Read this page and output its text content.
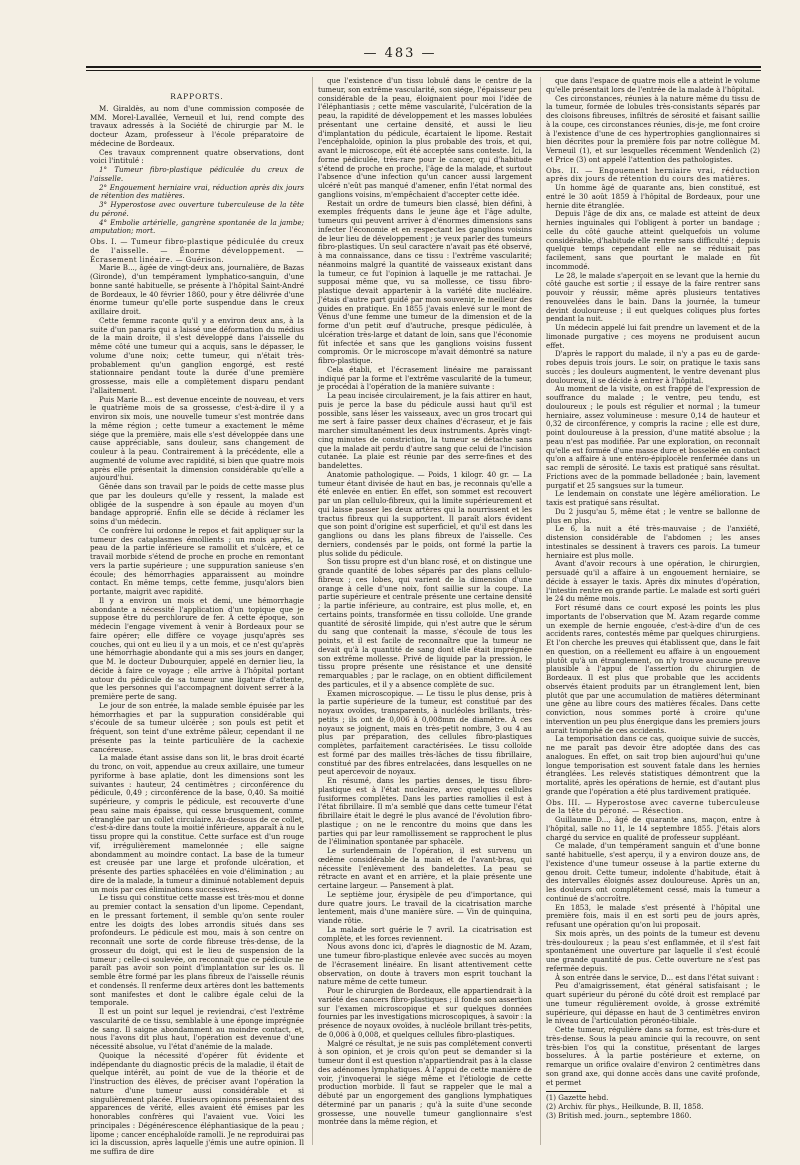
— 483 —

RAPPORTS.

M. Giraldès, au nom d'une commission composée de MM. Morel-Lavallée, Verneuil et lui, rend compte des travaux adressés à la Société de chirurgie par M. le docteur Azam, professeur à l'école préparatoire de médecine de Bordeaux.

Ces travaux comprennent quatre observations, dont voici l'intitulé :

1° Tumeur fibro-plastique pédiculée du creux de l'aisselle.

2° Engouement herniaire vrai, réduction après dix jours de rétention des matières.

3° Hyperostose avec ouverture tuberculeuse de la tête du péroné.

4° Embolie artérielle, gangrène spontanée de la jambe; amputation; mort.

Obs. I. — Tumeur fibro-plastique pédiculée du creux de l'aisselle. — Énorme développement. — Écrasement linéaire. — Guérison.

Marie B..., âgée de vingt-deux ans, journalière, de Bazas (Gironde), d'un tempérament lymphatico-sanguin, d'une bonne santé habituelle, se présente à l'hôpital Saint-André de Bordeaux, le 40 février 1860, pour y être délivrée d'une énorme tumeur qu'elle porte suspendue dans le creux axillaire droit.

Cette femme raconte qu'il y a environ deux ans, à la suite d'un panaris qui a laissé une déformation du médius de la main droite, il s'est développé dans l'aisselle du même côté une tumeur qui a acquis, sans le dépasser, le volume d'une noix; cette tumeur, qui n'était très-probablement qu'un ganglion engorgé, est resté stationnaire pendant toute la durée d'une première grossesse, mais elle a complètement disparu pendant l'allaitement.

Puis Marie B... est devenue enceinte de nouveau, et vers le quatrième mois de sa grossesse, c'est-à-dire il y a environ six mois, une nouvelle tumeur s'est montrée dans la même région ; cette tumeur a exactement le même siége que la première, mais elle s'est développée dans une cause appréciable, sans douleur, sans changement de couleur à la peau. Contrairement à la précédente, elle a augmenté de volume avec rapidité, si bien que quatre mois après elle présentait la dimension considérable qu'elle a aujourd'hui.

Gênée dans son travail par le poids de cette masse plus que par les douleurs qu'elle y ressent, la malade est obligée de la suspendre à son épaule au moyen d'un bandage approprié. Enfin elle se décide à réclamer les soins d'un médecin.

Ce confrère lui ordonne le repos et fait appliquer sur la tumeur des cataplasmes émollients ; un mois après, la peau de la partie inférieure se ramollit et s'ulcère, et ce travail morbide s'étend de proche en proche en remontant vers la partie supérieure ; une suppuration sanieuse s'en écoule; des hémorrhagies apparaissent au moindre contact. En même temps, cette femme, jusqu'alors bien portante, maigrit avec rapidité.

Il y a environ un mois et demi, une hémorrhagie abondante a nécessité l'application d'un topique que je suppose être du perchlorure de fer. À cette époque, son médecin l'engage vivement à venir à Bordeaux pour se faire opérer; elle diffère ce voyage jusqu'après ses couches, qui ont eu lieu il y a un mois, et ce n'est qu'après une hémorrhagie abondante qui a mis ses jours en danger, que M. le docteur Dubourquier, appelé en dernier lieu, la décide à faire ce voyage ; elle arrive à l'hôpital portant autour du pédicule de sa tumeur une ligature d'attente, que les personnes qui l'accompagnent doivent serrer à la première perte de sang.

Le jour de son entrée, la malade semble épuisée par les hémorrhagies et par la suppuration considérable qui s'écoule de sa tumeur ulcérée ; son pouls est petit et fréquent, son teint d'une extrême pâleur, cependant il ne présente pas la teinte particulière de la cachexie cancéreuse.

La malade étant assise dans son lit, le bras droit écarté du tronc, on voit, appendue au creux axillaire, une tumeur pyriforme à base aplatie, dont les dimensions sont les suivantes : hauteur, 24 centimètres ; circonférence du pédicule, 0,49 ; circonférence de la base, 0,40. Sa moitié supérieure, y compris le pédicule, est recouverte d'une peau saine mais épaisse, qui cesse brusquement, comme étranglée par un collet circulaire. Au-dessous de ce collet, c'est-à-dire dans toute la moitié inférieure, apparaît à nu le tissu propre qui la constitue. Cette surface est d'un rouge vif, irrégulièrement mamelonnée ; elle saigne abondamment au moindre contact. La base de la tumeur est creusée par une large et profonde ulcération, et présente des parties sphacélées en voie d'élimination ; au dire de la malade, la tumeur a diminué notablement depuis un mois par ces éliminations successives.

Le tissu qui constitue cette masse est très-mou et donne au premier contact la sensation d'un lipome. Cependant, en le pressant fortement, il semble qu'on sente rouler entre les doigts des lobes arrondis situés dans ses profondeurs. Le pédicule est mou, mais à son centre on reconnaît une sorte de corde fibreuse très-dense, de la grosseur du doigt, qui est le lieu de suspension de la tumeur ; celle-ci soulevée, on reconnaît que ce pédicule ne paraît pas avoir son point d'implantation sur les os. Il semble être formé par les plans fibreux de l'aisselle réunis et condensés. Il renferme deux artères dont les battements sont manifestes et dont le calibre égale celui de la temporale.

Il est un point sur lequel je reviendrai, c'est l'extrême vascularité de ce tissu, semblable à une éponge imprégnée de sang. Il saigne abondamment au moindre contact, et, nous l'avons dit plus haut, l'opération est devenue d'une nécessité absolue, vu l'état d'anémie de la malade.

Quoique la nécessité d'opérer fût évidente et indépendante du diagnostic précis de la maladie, il était de quelque intérêt, au point de vue de la théorie et de l'instruction des élèves, de préciser avant l'opération la nature d'une tumeur aussi considérable et si singulièrement placée. Plusieurs opinions présentaient des apparences de vérité, elles avaient été émises par les honorables confrères qui l'avaient vue. Voici les principales : Dégénérescence éléphantiasique de la peau ; lipome ; cancer encéphaloïde ramolli. Je ne reproduirai pas ici la discussion, après laquelle j'émis une autre opinion. Il me suffira de dire

que l'existence d'un tissu lobulé dans le centre de la tumeur, son extrême vascularité, son siége, l'épaisseur peu considérable de la peau, éloignaient pour moi l'idée de l'éléphantiasis ; cette même vascularité, l'ulcération de la peau, la rapidité de développement et les masses lobulées présentant une certaine densité, et aussi le lieu d'implantation du pédicule, écartaient le lipome. Restait l'encéphaloïde, opinion la plus probable des trois, et qui, avant le microscope, eût été acceptée sans conteste. Ici, la forme pédiculée, très-rare pour le cancer, qui d'habitude s'étend de proche en proche, l'âge de la malade, et surtout l'absence d'une infection qu'un cancer aussi largement ulcéré n'eût pas manqué d'amener, enfin l'état normal des ganglions voisins, m'empêchaient d'accepter cette idée.

Restait un ordre de tumeurs bien classé, bien défini, à exemples fréquents dans le jeune âge et l'âge adulte, tumeurs qui peuvent arriver à d'énormes dimensions sans infecter l'économie et en respectant les ganglions voisins de leur lieu de développement ; je veux parler des tumeurs fibro-plastiques. Un seul caractère n'avait pas été observé, à ma connaissance, dans ce tissu : l'extrême vascularité; néanmoins malgré la quantité de vaisseaux existant dans la tumeur, ce fut l'opinion à laquelle je me rattachai. Je supposai même que, vu sa mollesse, ce tissu fibro-plastique devait appartenir à la variété dite nucléaire. J'étais d'autre part guidé par mon souvenir, le meilleur des guides en pratique. En 1855 j'avais enlevé sur le mont de Vénus d'une femme une tumeur de la dimension et de la forme d'un petit œuf d'autruche, presque pédiculée, à ulcération très-large et datant de loin, sans que l'économie fût infectée et sans que les ganglions voisins fussent compromis. Or le microscope m'avait démontré sa nature fibro-plastique.

Cela établi, et l'écrasement linéaire me paraissant indiqué par la forme et l'extrême vascularité de la tumeur, je procédai à l'opération de la manière suivante :

La peau incisée circulairement, je la fais attirer en haut, puis je perce la base du pédicule aussi haut qu'il est possible, sans léser les vaisseaux, avec un gros trocart qui me sert à faire passer deux chaînes d'écraseur, et je fais marcher simultanément les deux instruments. Après vingt-cinq minutes de constriction, la tumeur se détache sans que la malade ait perdu d'autre sang que celui de l'incision cutanée. La plaie est réunie par des serre-fines et des bandelettes.

Anatomie pathologique. — Poids, 1 kilogr. 40 gr. — La tumeur étant divisée de haut en bas, je reconnais qu'elle a été enlevée en entier. En effet, son sommet est recouvert par un plan cellulo-fibreux, qui la limite supérieurement et qui laisse passer les deux artères qui la nourrissent et les tractus fibreux qui la supportent. Il paraît alors évident que son point d'origine est superficiel, et qu'il est dans les ganglions ou dans les plans fibreux de l'aisselle. Ces derniers, condensés par le poids, ont formé la partie la plus solide du pédicule.

Son tissu propre est d'un blanc rosé, et on distingue une grande quantité de lobes séparés par des plans cellulo-fibreux ; ces lobes, qui varient de la dimension d'une orange à celle d'une noix, font saillie sur la coupe. La partie supérieure et centrale présente une certaine densité ; la partie inférieure, au contraire, est plus molle, et, en certains points, transformée en tissu colloïde. Une grande quantité de sérosité limpide, qui n'est autre que le sérum du sang que contenait la masse, s'écoule de tous les points, et il est facile de reconnaître que la tumeur ne devait qu'à la quantité de sang dont elle était imprégnée son extrême mollesse. Privé de liquide par la pression, le tissu propre présente une résistance et une densité remarquables ; par le raclage, on en obtient difficilement des particules, et il y a absence complète de suc.

Examen microscopique. — Le tissu le plus dense, pris à la partie supérieure de la tumeur, est constitué par des noyaux ovoïdes, transparents, à nucléoles brillants, très-petits ; ils ont de 0,006 à 0,008mm de diamètre. À ces noyaux se joignent, mais en très-petit nombre, 3 ou 4 au plus par préparation, des cellules fibro-plastiques complètes, parfaitement caractérisées. Le tissu colloïde est formé par des mailles très-lâches de tissu fibrillaire, constitué par des fibres entrelacées, dans lesquelles on ne peut apercevoir de noyaux.

En résumé, dans les parties denses, le tissu fibro-plastique est à l'état nucléaire, avec quelques cellules fusiformes complètes. Dans les parties ramollies il est à l'état fibrillaire. Il m'a semblé que dans cette tumeur l'état fibrillaire était le degré le plus avancé de l'évolution fibro-plastique ; on ne le rencontre du moins que dans les parties qui par leur ramollissement se rapprochent le plus de l'élimination spontanée par sphacèle.

Le surlendemain de l'opération, il est survenu un œdème considérable de la main et de l'avant-bras, qui nécessite l'enlèvement des bandelettes. La peau se rétracte en avant et en arrière, et la plaie présente une certaine largeur. — Pansement à plat.

Le septième jour, érysipèle de peu d'importance, qui dure quatre jours. Le travail de la cicatrisation marche lentement, mais d'une manière sûre. — Vin de quinquina, viande rôtie.

La malade sort guérie le 7 avril. La cicatrisation est complète, et les forces reviennent.

Nous avons donc ici, d'après le diagnostic de M. Azam, une tumeur fibro-plastique enlevée avec succès au moyen de l'écrasement linéaire. En lisant attentivement cette observation, on doute à travers mon esprit touchant la nature même de cette tumeur.

Pour le chirurgien de Bordeaux, elle appartiendrait à la variété des cancers fibro-plastiques ; il fonde son assertion sur l'examen microscopique et sur quelques données fournies par les investigations microscopiques, à savoir : la présence de noyaux ovoïdes, à nucléole brillant très-petits, de 0,006 à 0,008, et quelques cellules fibro-plastiques.

Malgré ce résultat, je ne suis pas complétement converti à son opinion, et je crois qu'on peut se demander si la tumeur dont il est question n'appartiendrait pas à la classe des adénomes lymphatiques. À l'appui de cette manière de voir, j'invoquerai le siége même et l'étiologie de cette production morbide. Il faut se rappeler que le mal a débuté par un engorgement des ganglions lymphatiques déterminé par un panaris ; qu'à la suite d'une seconde grossesse, une nouvelle tumeur ganglionnaire s'est montrée dans la même région, et

que dans l'espace de quatre mois elle a atteint le volume qu'elle présentait lors de l'entrée de la malade à l'hôpital.

Ces circonstances, réunies à la nature même du tissu de la tumeur, formée de lobules très-consistants séparés par des cloisons fibreuses, infiltrés de sérosité et faisant saillie à la coupe, ces circonstances réunies, dis-je, me font croire à l'existence d'une de ces hypertrophies ganglionnaires si bien décrites pour la première fois par notre collègue M. Verneuil (1), et sur lesquelles récemment Wendenlich (2) et Price (3) ont appelé l'attention des pathologistes.

Obs. II. — Engouement herniaire vrai, réduction après dix jours de rétention du cours des matières.

Un homme âgé de quarante ans, bien constitué, est entré le 30 août 1859 à l'hôpital de Bordeaux, pour une hernie dite étranglée.

Depuis l'âge de dix ans, ce malade est atteint de deux hernies inguinales qui l'obligent à porter un bandage ; celle du côté gauche atteint quelquefois un volume considérable, d'habitude elle rentre sans difficulté ; depuis quelque temps cependant elle ne se réduisait pas facilement, sans que pourtant le malade en fût incommodé.

Le 28, le malade s'aperçoit en se levant que la hernie du côté gauche est sortie ; il essaye de la faire rentrer sans pouvoir y réussir, même après plusieurs tentatives renouvelées dans le bain. Dans la journée, la tumeur devint douloureuse ; il eut quelques coliques plus fortes pendant la nuit.

Un médecin appelé lui fait prendre un lavement et de la limonade purgative ; ces moyens ne produisent aucun effet.

D'après le rapport du malade, il n'y a pas eu de garde-robes depuis trois jours. Le soir, on pratique le taxis sans succès ; les douleurs augmentent, le ventre devenant plus douloureux, il se décide à entrer à l'hôpital.

Au moment de la visite, on est frappé de l'expression de souffrance du malade ; le ventre, peu tendu, est douloureux ; le pouls est régulier et normal ; la tumeur herniaire, assez volumineuse : mesure 0,14 de hauteur et 0,32 de circonférence, y compris la racine ; elle est dure, point douloureuse à la pression, d'une matité absolue ; la peau n'est pas modifiée. Par une exploration, on reconnaît qu'elle est formée d'une masse dure et bosselée en contact qu'on a affaire à une entéro-épiplocèle renfermée dans un sac rempli de sérosité. Le taxis est pratiqué sans résultat. Frictions avec de la pommade belladonée ; bain, lavement purgatif et 25 sangsues sur la tumeur.

Le lendemain on constate une légère amélioration. Le taxis est pratiqué sans résultat.

Du 2 jusqu'au 5, même état ; le ventre se ballonne de plus en plus.

Le 6, la nuit a été très-mauvaise ; de l'anxiété, distension considérable de l'abdomen ; les anses intestinales se dessinent à travers ces parois. La tumeur herniaire est plus molle.

Avant d'avoir recours à une opération, le chirurgien, persuadé qu'il a affaire à un engouement herniaire, se décide à essayer le taxis. Après dix minutes d'opération, l'intestin rentre en grande partie. Le malade est sorti guéri le 24 du même mois.

Fort résumé dans ce court exposé les points les plus importants de l'observation que M. Azam regarde comme un exemple de hernie engouée, c'est-à-dire d'un de ces accidents rares, contestés même par quelques chirurgiens. Et l'on cherche les preuves qui établissent que, dans le fait en question, on a réellement eu affaire à un engouement plutôt qu'à un étranglement, on n'y trouve aucune preuve plausible à l'appui de l'assertion du chirurgien de Bordeaux. Il est plus que probable que les accidents observés étaient produits par un étranglement lent, bien plutôt que par une accumulation de matières déterminant une gêne au libre cours des matières fécales. Dans cette conviction, nous sommes porté à croire qu'une intervention un peu plus énergique dans les premiers jours aurait triomphé de ces accidents.

La temporisation dans ce cas, quoique suivie de succès, ne me paraît pas devoir être adoptée dans des cas analogues. En effet, on sait trop bien aujourd'hui qu'une longue temporisation est souvent fatale dans les hernies étranglées. Les relevés statistiques démontrent que la mortalité, après les opérations de hernie, est d'autant plus grande que l'opération a été plus tardivement pratiquée.

Obs. III. — Hyperostose avec caverne tuberculeuse de la tête du péroné. — Résection.

Guillaume D..., âgé de quarante ans, maçon, entre à l'hôpital, salle no 11, le 14 septembre 1855. J'étais alors chargé du service en qualité de professeur suppléant.

Ce malade, d'un tempérament sanguin et d'une bonne santé habituelle, s'est aperçu, il y a environ douze ans, de l'existence d'une tumeur osseuse à la partie externe du genou droit. Cette tumeur, indolente d'habitude, était à des intervalles éloignés assez douloureuse. Après un an, les douleurs ont complétement cessé, mais la tumeur a continué de s'accroître.

En 1853, le malade s'est présenté à l'hôpital une première fois, mais il en est sorti peu de jours après, refusant une opération qu'on lui proposait.

Six mois après, un des points de la tumeur est devenu très-douloureux ; la peau s'est enflammée, et il s'est fait spontanément une ouverture par laquelle il s'est écoulé une grande quantité de pus. Cette ouverture ne s'est pas refermée depuis.

À son entrée dans le service, D... est dans l'état suivant :

Peu d'amaigrissement, état général satisfaisant ; le quart supérieur du péroné du côté droit est remplacé par une tumeur régulièrement ovoïde, à grosse extrémité supérieure, qui dépasse en haut de 3 centimètres environ le niveau de l'articulation péronéo-tibiale.

Cette tumeur, régulière dans sa forme, est très-dure et très-dense. Sous la peau amincie qui la recouvre, on sent très-bien l'os qui la constitue, présentant de larges bosselures. À la partie postérieure et externe, on remarque un orifice ovalaire d'environ 2 centimètres dans son grand axe, qui donne accès dans une cavité profonde, et permet

(1) Gazette hebd.

(2) Archiv. für phys., Heilkunde, B. II, 1858.

(3) British med. journ., septembre 1860.
